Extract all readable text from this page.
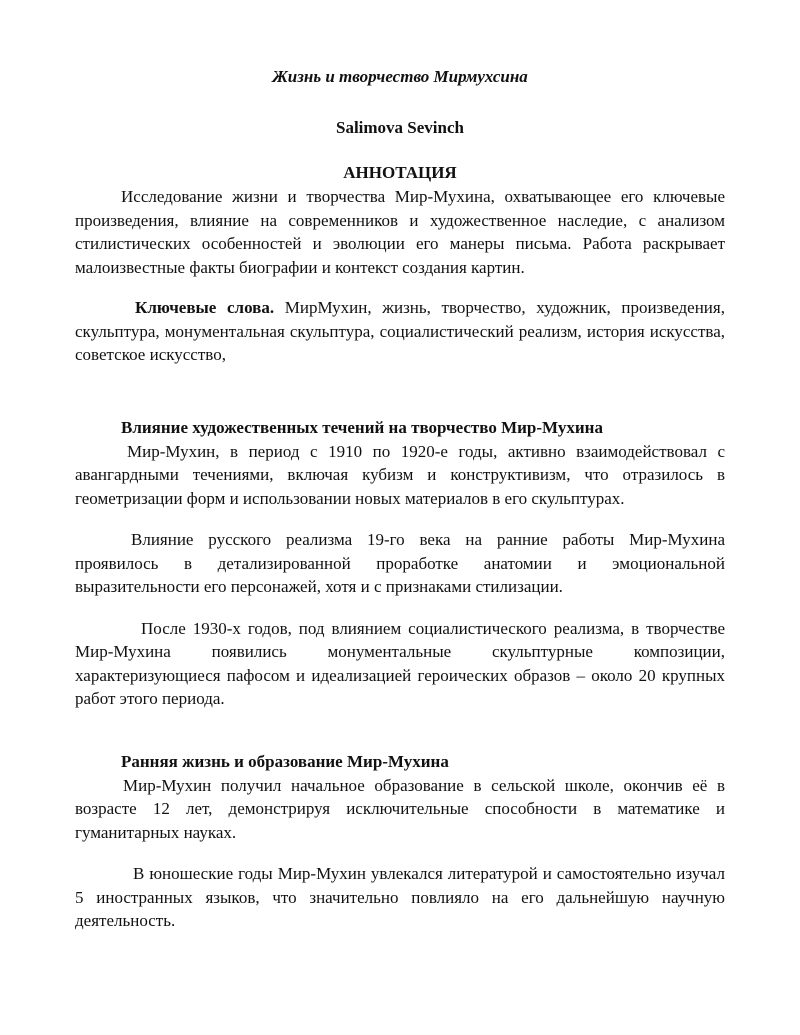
Жизнь и творчество Мирмухсина
Salimova Sevinch
АННОТАЦИЯ

Исследование жизни и творчества Мир-Мухина, охватывающее его ключевые произведения, влияние на современников и художественное наследие, с анализом стилистических особенностей и эволюции его манеры письма. Работа раскрывает малоизвестные факты биографии и контекст создания картин.

Ключевые слова. МирМухин, жизнь, творчество, художник, произведения, скульптура, монументальная скульптура, социалистический реализм, история искусства, советское искусство,

Влияние художественных течений на творчество Мир-Мухина

Мир-Мухин, в период с 1910 по 1920-е годы, активно взаимодействовал с авангардными течениями, включая кубизм и конструктивизм, что отразилось в геометризации форм и использовании новых материалов в его скульптурах.

Влияние русского реализма 19-го века на ранние работы Мир-Мухина проявилось в детализированной проработке анатомии и эмоциональной выразительности его персонажей, хотя и с признаками стилизации.

После 1930-х годов, под влиянием социалистического реализма, в творчестве Мир-Мухина появились монументальные скульптурные композиции, характеризующиеся пафосом и идеализацией героических образов – около 20 крупных работ этого периода.

Ранняя жизнь и образование Мир-Мухина

Мир-Мухин получил начальное образование в сельской школе, окончив её в возрасте 12 лет, демонстрируя исключительные способности в математике и гуманитарных науках.

В юношеские годы Мир-Мухин увлекался литературой и самостоятельно изучал 5 иностранных языков, что значительно повлияло на его дальнейшую научную деятельность.
